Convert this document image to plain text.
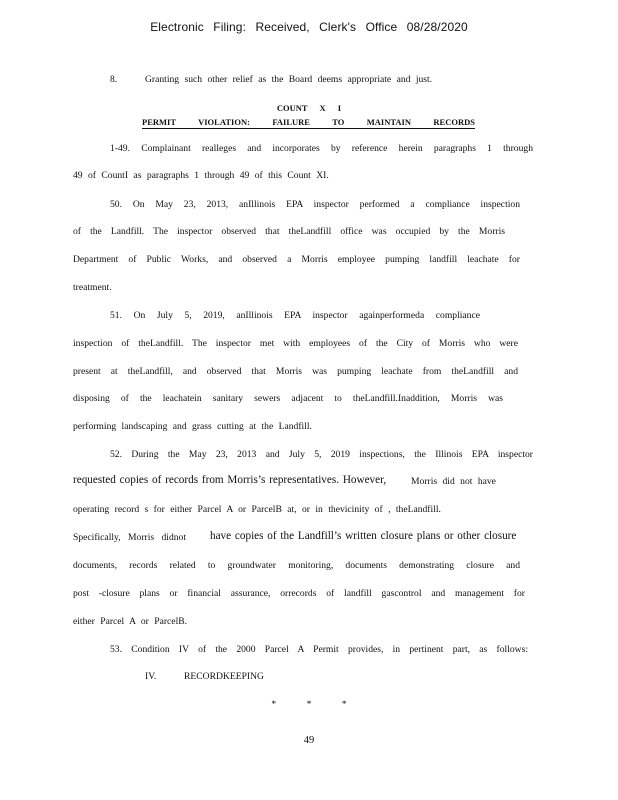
Electronic Filing: Received, Clerk's Office 08/28/2020
8.	Granting such other relief as the Board deems appropriate and just.
COUNT X I
PERMIT VIOLATION: FAILURE TO MAINTAIN RECORDS
1-49. Complainant realleges and incorporates by reference herein paragraphs 1 through
49 of CountI as paragraphs 1 through 49 of this Count XI.
50. On May 23, 2013, anIllinois EPA inspector performed a compliance inspection
of the Landfill. The inspector observed that theLandfill office was occupied by the Morris
Department of Public Works, and observed a Morris employee pumping landfill leachate for
treatment.
51. On July 5, 2019, anIllinois EPA inspector againperformeda compliance
inspection of theLandfill. The inspector met with employees of the City of Morris who were
present at theLandfill, and observed that Morris was pumping leachate from theLandfill and
disposing of the leachatein sanitary sewers adjacent to theLandfill.Inaddition, Morris was
performing landscaping and grass cutting at the Landfill.
52. During the May 23, 2013 and July 5, 2019 inspections, the Illinois EPA inspector
requested copies of records from Morris’s representatives. However,	Morris did not have
operating record s for either Parcel A or ParcelB at, or in thevicinity of , theLandfill.
Specifically, Morris didnot have copies of the Landfill’s written closure plans or other closure
documents, records related to groundwater monitoring, documents demonstrating closure and
post -closure plans or financial assurance, orrecords of landfill gascontrol and management for
either Parcel A or ParcelB.
53. Condition IV of the 2000 Parcel A Permit provides, in pertinent part, as follows:
IV.	RECORDKEEPING
* * *
49
